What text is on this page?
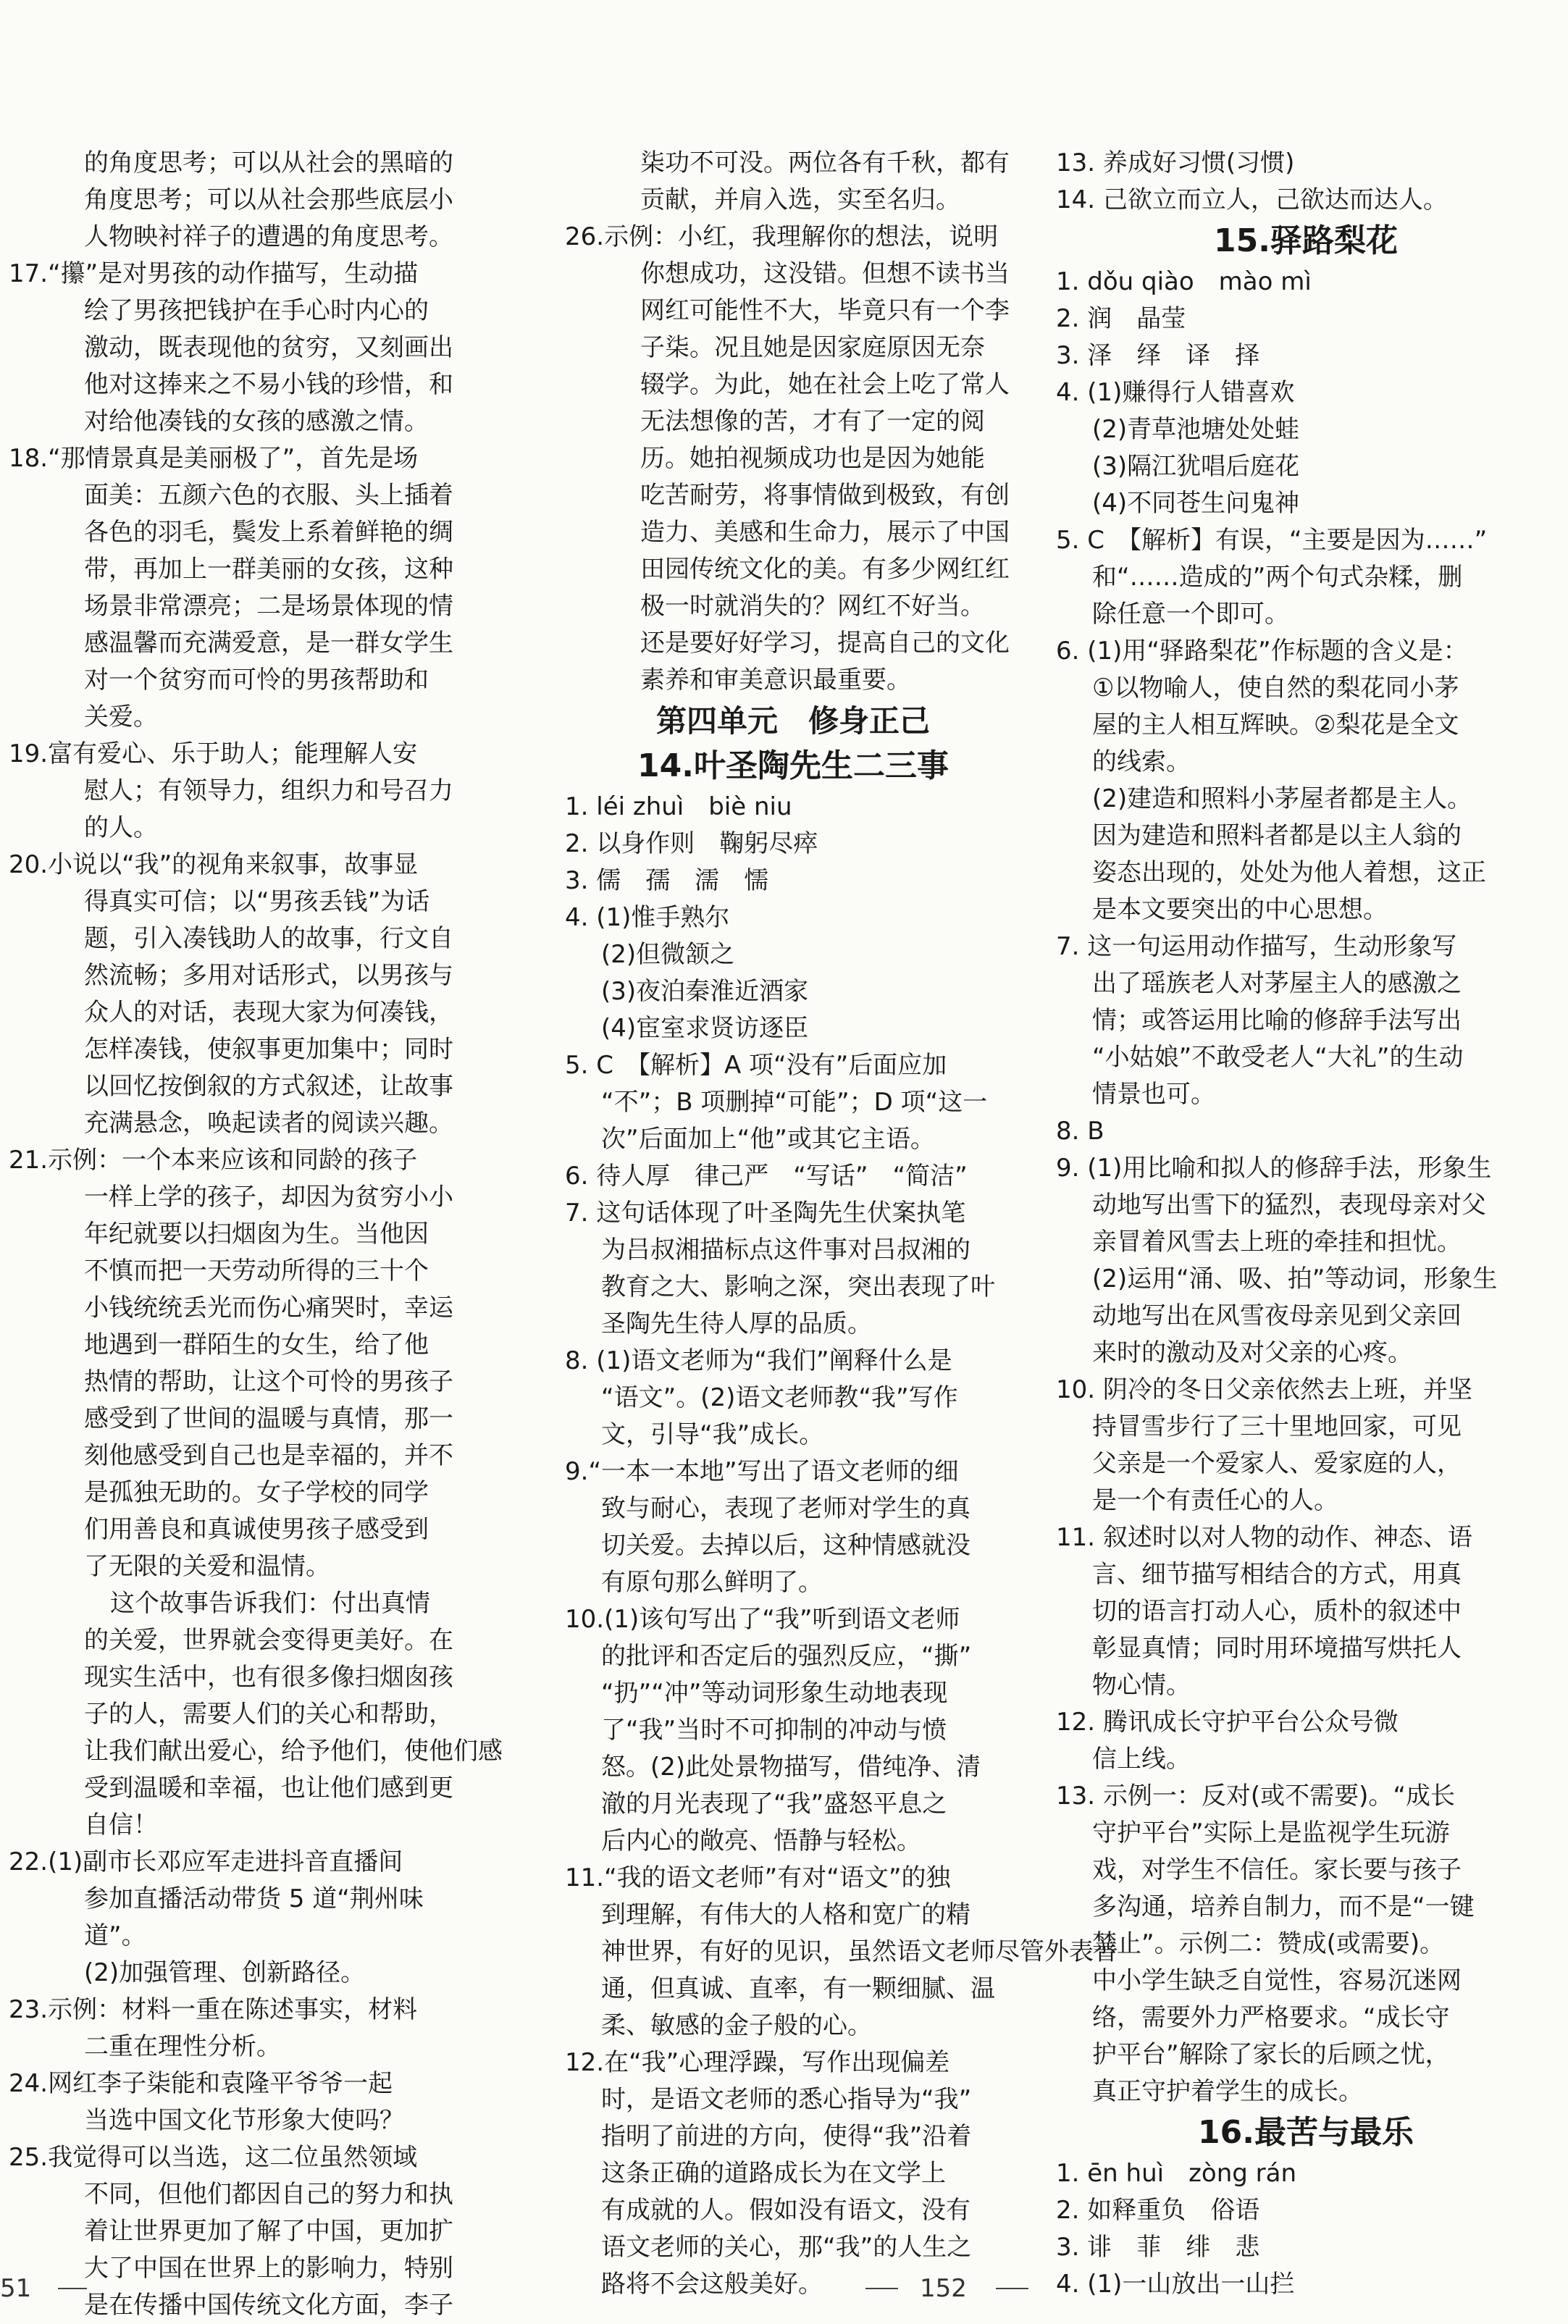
的角度思考；可以从社会的黑暗的
角度思考；可以从社会那些底层小
人物映衬祥子的遭遇的角度思考。
17.“攥”是对男孩的动作描写，生动描
绘了男孩把钱护在手心时内心的
激动，既表现他的贫穷，又刻画出
他对这捧来之不易小钱的珍惜，和
对给他凑钱的女孩的感激之情。
18.“那情景真是美丽极了”，首先是场
面美：五颜六色的衣服、头上插着
各色的羽毛，鬓发上系着鲜艳的绸
带，再加上一群美丽的女孩，这种
场景非常漂亮；二是场景体现的情
感温馨而充满爱意，是一群女学生
对一个贫穷而可怜的男孩帮助和
关爱。
19.富有爱心、乐于助人；能理解人安
慰人；有领导力，组织力和号召力
的人。
20.小说以“我”的视角来叙事，故事显
得真实可信；以“男孩丢钱”为话
题，引入凑钱助人的故事，行文自
然流畅；多用对话形式，以男孩与
众人的对话，表现大家为何凑钱，
怎样凑钱，使叙事更加集中；同时
以回忆按倒叙的方式叙述，让故事
充满悬念，唤起读者的阅读兴趣。
21.示例：一个本来应该和同龄的孩子
一样上学的孩子，却因为贫穷小小
年纪就要以扫烟囱为生。当他因
不慎而把一天劳动所得的三十个
小钱统统丢光而伤心痛哭时，幸运
地遇到一群陌生的女生，给了他
热情的帮助，让这个可怜的男孩子
感受到了世间的温暖与真情，那一
刻他感受到自己也是幸福的，并不
是孤独无助的。女子学校的同学
们用善良和真诚使男孩子感受到
了无限的关爱和温情。
这个故事告诉我们：付出真情
的关爱，世界就会变得更美好。在
现实生活中，也有很多像扫烟囱孩
子的人，需要人们的关心和帮助，
让我们献出爱心，给予他们，使他们感
受到温暖和幸福，也让他们感到更
自信！
22.(1)副市长邓应军走进抖音直播间
参加直播活动带货 5 道“荆州味
道”。
(2)加强管理、创新路径。
23.示例：材料一重在陈述事实，材料
二重在理性分析。
24.网红李子柒能和袁隆平爷爷一起
当选中国文化节形象大使吗？
25.我觉得可以当选，这二位虽然领域
不同，但他们都因自己的努力和执
着让世界更加了解了中国，更加扩
大了中国在世界上的影响力，特别
是在传播中国传统文化方面，李子
柒功不可没。两位各有千秋，都有
贡献，并肩入选，实至名归。
26.示例：小红，我理解你的想法，说明
你想成功，这没错。但想不读书当
网红可能性不大，毕竟只有一个李
子柒。况且她是因家庭原因无奈
辍学。为此，她在社会上吃了常人
无法想像的苦，才有了一定的阅
历。她拍视频成功也是因为她能
吃苦耐劳，将事情做到极致，有创
造力、美感和生命力，展示了中国
田园传统文化的美。有多少网红红
极一时就消失的？网红不好当。
还是要好好学习，提高自己的文化
素养和审美意识最重要。
第四单元　修身正己
14.叶圣陶先生二三事
1. léi zhuì　biè niu
2. 以身作则　鞠躬尽瘁
3. 儒　孺　濡　懦
4. (1)惟手熟尔
(2)但微颔之
(3)夜泊秦淮近酒家
(4)宦室求贤访逐臣
5. C　【解析】A 项“没有”后面应加
“不”；B 项删掉“可能”；D 项“这一
次”后面加上“他”或其它主语。
6. 待人厚　律己严　“写话”　“简洁”
7. 这句话体现了叶圣陶先生伏案执笔
为吕叔湘描标点这件事对吕叔湘的
教育之大、影响之深，突出表现了叶
圣陶先生待人厚的品质。
8. (1)语文老师为“我们”阐释什么是
“语文”。(2)语文老师教“我”写作
文，引导“我”成长。
9.“一本一本地”写出了语文老师的细
致与耐心，表现了老师对学生的真
切关爱。去掉以后，这种情感就没
有原句那么鲜明了。
10.(1)该句写出了“我”听到语文老师
的批评和否定后的强烈反应，“撕”
“扔”“冲”等动词形象生动地表现
了“我”当时不可抑制的冲动与愤
怒。(2)此处景物描写，借纯净、清
澈的月光表现了“我”盛怒平息之
后内心的敞亮、悟静与轻松。
11.“我的语文老师”有对“语文”的独
到理解，有伟大的人格和宽广的精
神世界，有好的见识，虽然语文老师尽管外表普
通，但真诚、直率，有一颗细腻、温
柔、敏感的金子般的心。
12.在“我”心理浮躁，写作出现偏差
时，是语文老师的悉心指导为“我”
指明了前进的方向，使得“我”沿着
这条正确的道路成长为在文学上
有成就的人。假如没有语文，没有
语文老师的关心，那“我”的人生之
路将不会这般美好。
13. 养成好习惯(习惯)
14. 己欲立而立人，己欲达而达人。
15.驿路梨花
1. dǒu qiào　mào mì
2. 润　晶莹
3. 泽　绎　译　择
4. (1)赚得行人错喜欢
(2)青草池塘处处蛙
(3)隔江犹唱后庭花
(4)不同苍生问鬼神
5. C　【解析】有误，“主要是因为……”
和“……造成的”两个句式杂糅，删
除任意一个即可。
6. (1)用“驿路梨花”作标题的含义是：
①以物喻人，使自然的梨花同小茅
屋的主人相互辉映。②梨花是全文
的线索。
(2)建造和照料小茅屋者都是主人。
因为建造和照料者都是以主人翁的
姿态出现的，处处为他人着想，这正
是本文要突出的中心思想。
7. 这一句运用动作描写，生动形象写
出了瑶族老人对茅屋主人的感激之
情；或答运用比喻的修辞手法写出
“小姑娘”不敢受老人“大礼”的生动
情景也可。
8. B
9. (1)用比喻和拟人的修辞手法，形象生
动地写出雪下的猛烈，表现母亲对父
亲冒着风雪去上班的牵挂和担忧。
(2)运用“涌、吸、拍”等动词，形象生
动地写出在风雪夜母亲见到父亲回
来时的激动及对父亲的心疼。
10. 阴冷的冬日父亲依然去上班，并坚
持冒雪步行了三十里地回家，可见
父亲是一个爱家人、爱家庭的人，
是一个有责任心的人。
11. 叙述时以对人物的动作、神态、语
言、细节描写相结合的方式，用真
切的语言打动人心，质朴的叙述中
彰显真情；同时用环境描写烘托人
物心情。
12. 腾讯成长守护平台公众号微
信上线。
13. 示例一：反对(或不需要)。“成长
守护平台”实际上是监视学生玩游
戏，对学生不信任。家长要与孩子
多沟通，培养自制力，而不是“一键
禁止”。示例二：赞成(或需要)。
中小学生缺乏自觉性，容易沉迷网
络，需要外力严格要求。“成长守
护平台”解除了家长的后顾之忧，
真正守护着学生的成长。
16.最苦与最乐
1. ēn huì　zòng rán
2. 如释重负　俗语
3. 诽　菲　绯　悲
4. (1)一山放出一山拦
51	152
